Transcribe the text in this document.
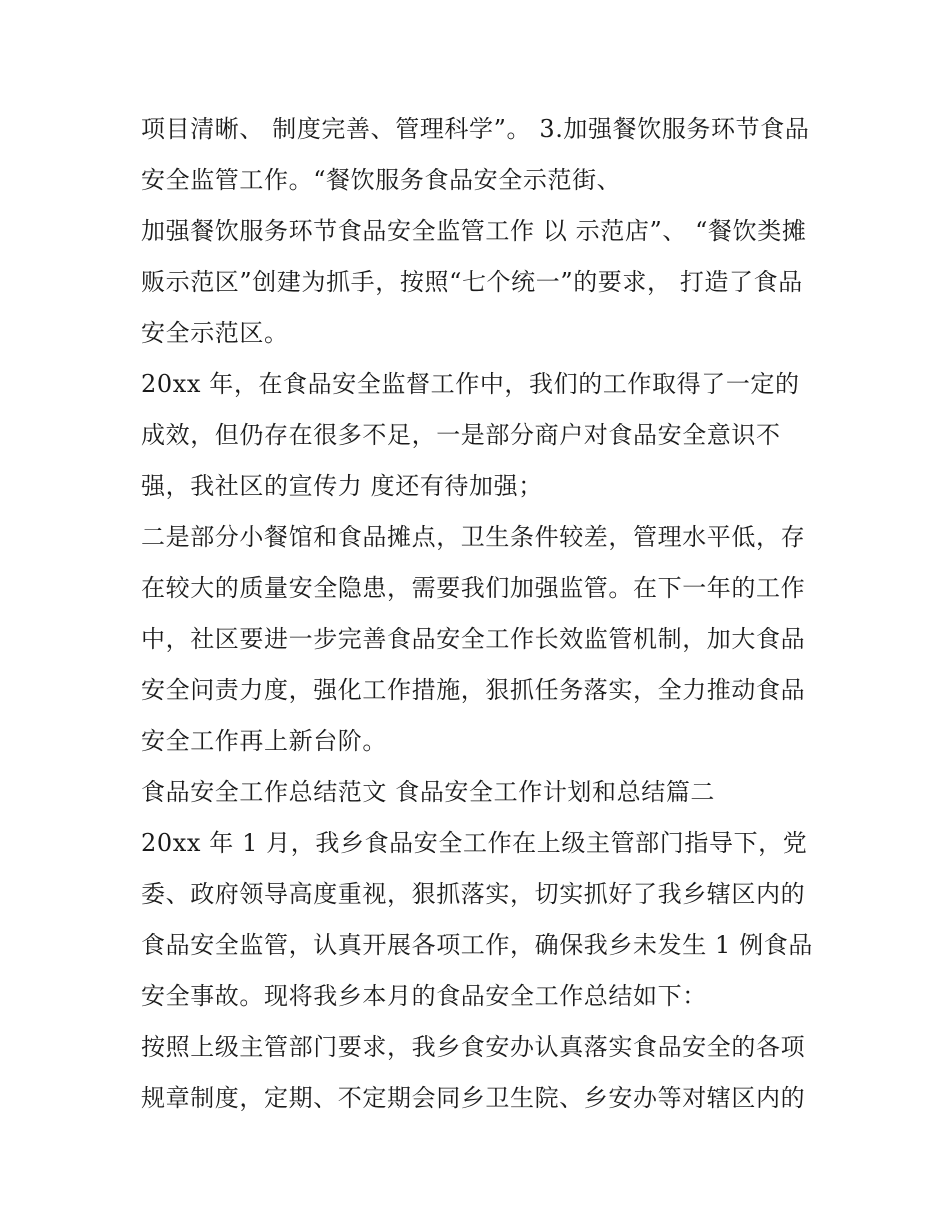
项目清晰、 制度完善、管理科学”。 3.加强餐饮服务环节食品
安全监管工作。“餐饮服务食品安全示范街、

加强餐饮服务环节食品安全监管工作 以 示范店”、 “餐饮类摊
贩示范区”创建为抓手，按照“七个统一”的要求， 打造了食品
安全示范区。

20xx 年，在食品安全监督工作中，我们的工作取得了一定的
成效，但仍存在很多不足，一是部分商户对食品安全意识不
强，我社区的宣传力 度还有待加强；

二是部分小餐馆和食品摊点，卫生条件较差，管理水平低，存
在较大的质量安全隐患，需要我们加强监管。在下一年的工作
中，社区要进一步完善食品安全工作长效监管机制，加大食品
安全问责力度，强化工作措施，狠抓任务落实，全力推动食品
安全工作再上新台阶。

食品安全工作总结范文 食品安全工作计划和总结篇二

20xx 年 1 月，我乡食品安全工作在上级主管部门指导下，党
委、政府领导高度重视，狠抓落实，切实抓好了我乡辖区内的
食品安全监管，认真开展各项工作，确保我乡未发生 1 例食品
安全事故。现将我乡本月的食品安全工作总结如下：

按照上级主管部门要求，我乡食安办认真落实食品安全的各项
规章制度，定期、不定期会同乡卫生院、乡安办等对辖区内的
